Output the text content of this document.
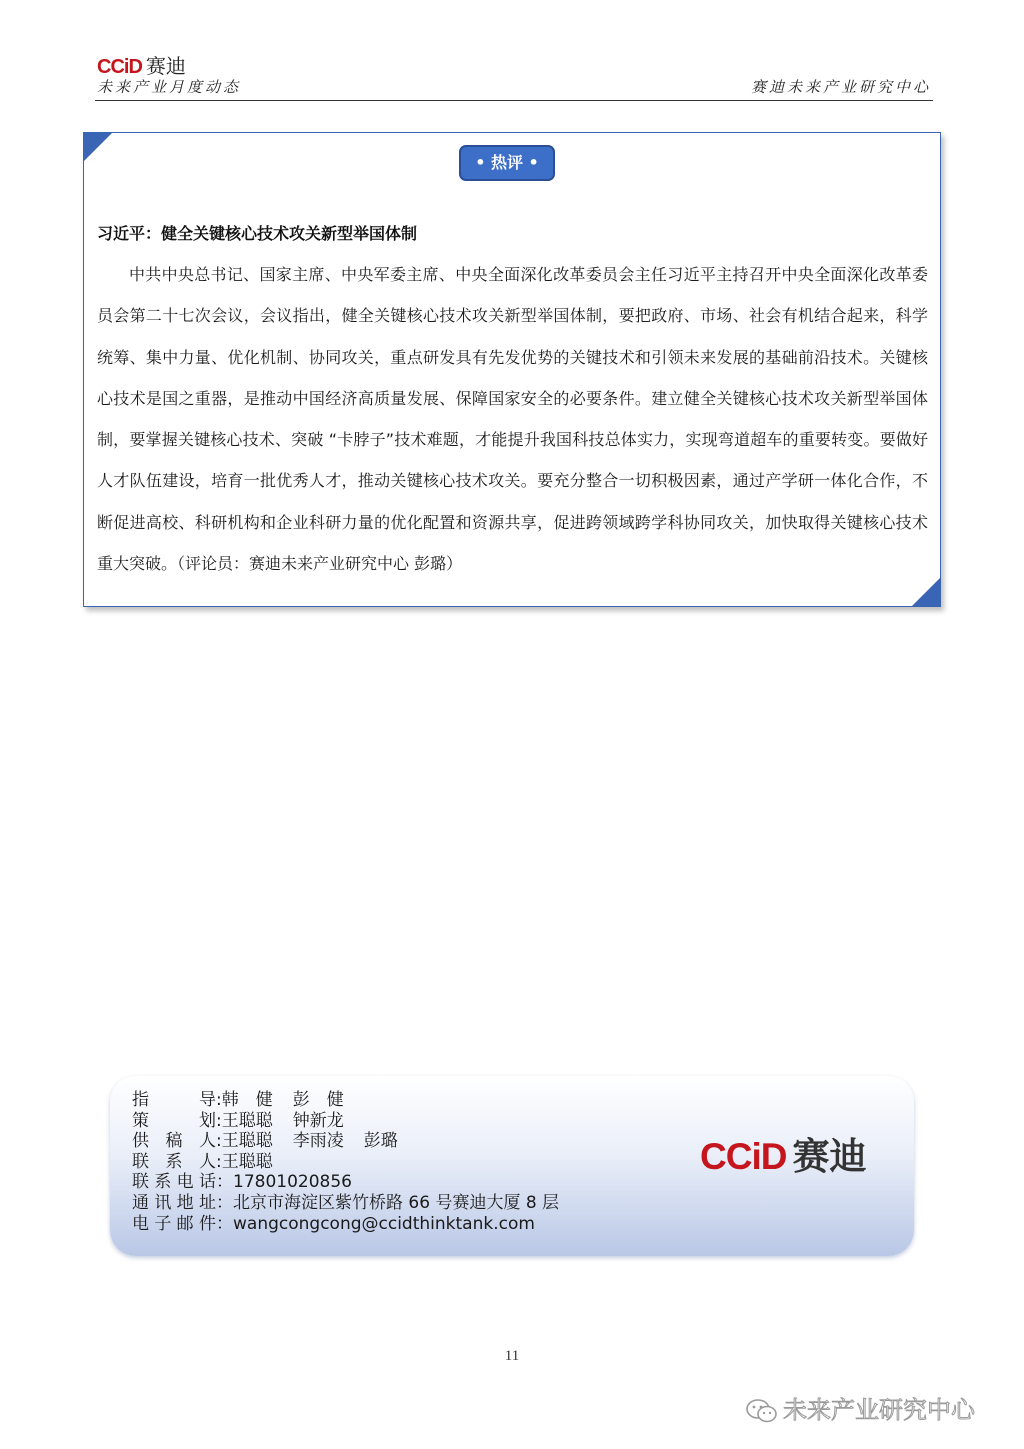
CCiD 赛迪
未来产业月度动态	赛迪未来产业研究中心
• 热评 •
习近平：健全关键核心技术攻关新型举国体制

中共中央总书记、国家主席、中央军委主席、中央全面深化改革委员会主任习近平主持召开中央全面深化改革委员会第二十七次会议，会议指出，健全关键核心技术攻关新型举国体制，要把政府、市场、社会有机结合起来，科学统筹、集中力量、优化机制、协同攻关，重点研发具有先发优势的关键技术和引领未来发展的基础前沿技术。关键核心技术是国之重器，是推动中国经济高质量发展、保障国家安全的必要条件。建立健全关键核心技术攻关新型举国体制，要掌握关键核心技术、突破 “卡脖子”技术难题，才能提升我国科技总体实力，实现弯道超车的重要转变。要做好人才队伍建设，培育一批优秀人才，推动关键核心技术攻关。要充分整合一切积极因素，通过产学研一体化合作，不断促进高校、科研机构和企业科研力量的优化配置和资源共享，促进跨领域跨学科协同攻关，加快取得关键核心技术重大突破。（评论员：赛迪未来产业研究中心 彭璐）

指导:韩　健 彭　健
策划:王聪聪 钟新龙
供稿人:王聪聪 李雨凌 彭璐
联系人:王聪聪
联系电话：17801020856
通讯地址：北京市海淀区紫竹桥路 66 号赛迪大厦 8 层
电子邮件：wangcongcong@ccidthinktank.com
CCiD 赛迪
11
未来产业研究中心
